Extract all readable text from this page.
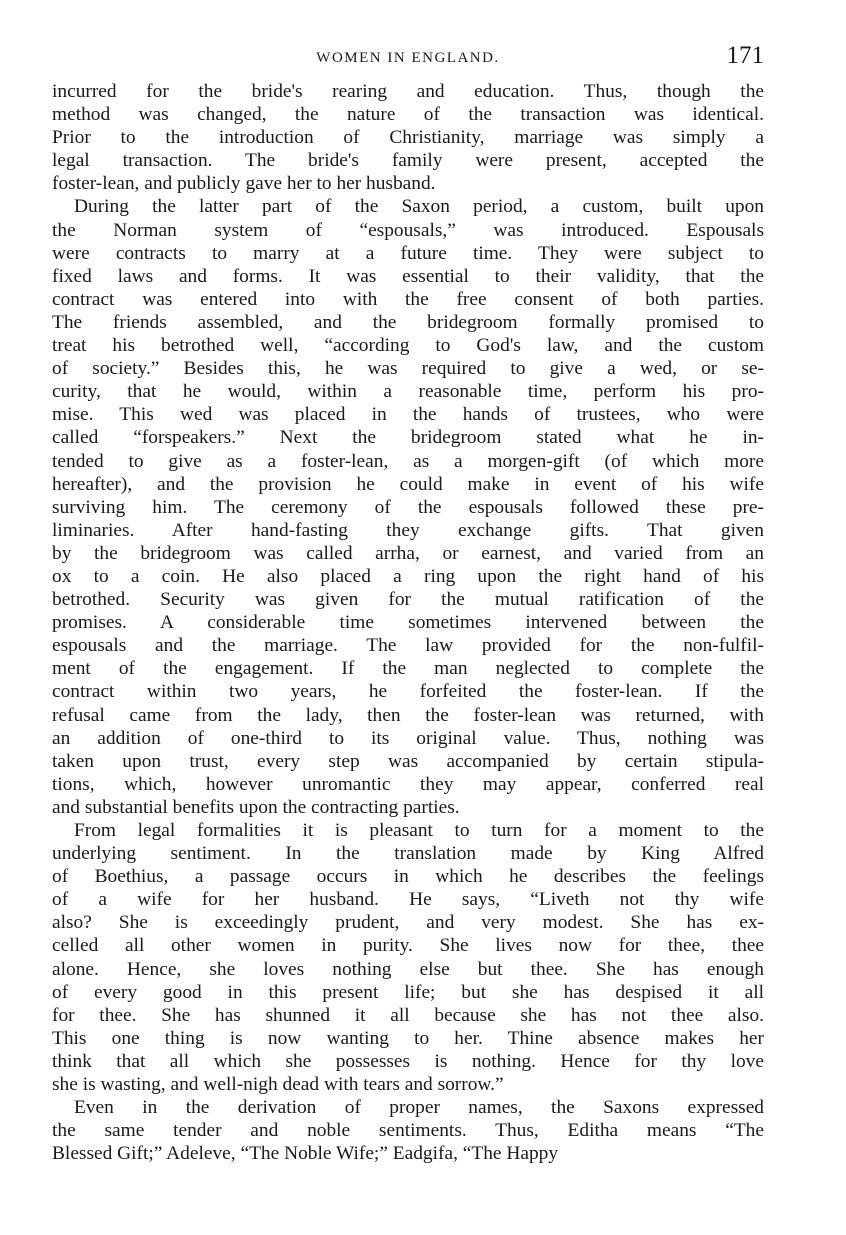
WOMEN IN ENGLAND.	171
incurred for the bride's rearing and education. Thus, though the
method was changed, the nature of the transaction was identical.
Prior to the introduction of Christianity, marriage was simply a
legal transaction. The bride's family were present, accepted the
foster-lean, and publicly gave her to her husband.
During the latter part of the Saxon period, a custom, built upon
the Norman system of “espousals,” was introduced. Espousals
were contracts to marry at a future time. They were subject to
fixed laws and forms. It was essential to their validity, that the
contract was entered into with the free consent of both parties.
The friends assembled, and the bridegroom formally promised to
treat his betrothed well, “according to God's law, and the custom
of society.” Besides this, he was required to give a wed, or se-
curity, that he would, within a reasonable time, perform his pro-
mise. This wed was placed in the hands of trustees, who were
called “forspeakers.” Next the bridegroom stated what he in-
tended to give as a foster-lean, as a morgen-gift (of which more
hereafter), and the provision he could make in event of his wife
surviving him. The ceremony of the espousals followed these pre-
liminaries. After hand-fasting they exchange gifts. That given
by the bridegroom was called arrha, or earnest, and varied from an
ox to a coin. He also placed a ring upon the right hand of his
betrothed. Security was given for the mutual ratification of the
promises. A considerable time sometimes intervened between the
espousals and the marriage. The law provided for the non-fulfil-
ment of the engagement. If the man neglected to complete the
contract within two years, he forfeited the foster-lean. If the
refusal came from the lady, then the foster-lean was returned, with
an addition of one-third to its original value. Thus, nothing was
taken upon trust, every step was accompanied by certain stipula-
tions, which, however unromantic they may appear, conferred real
and substantial benefits upon the contracting parties.
From legal formalities it is pleasant to turn for a moment to the
underlying sentiment. In the translation made by King Alfred
of Boethius, a passage occurs in which he describes the feelings
of a wife for her husband. He says, “Liveth not thy wife
also? She is exceedingly prudent, and very modest. She has ex-
celled all other women in purity. She lives now for thee, thee
alone. Hence, she loves nothing else but thee. She has enough
of every good in this present life; but she has despised it all
for thee. She has shunned it all because she has not thee also.
This one thing is now wanting to her. Thine absence makes her
think that all which she possesses is nothing. Hence for thy love
she is wasting, and well-nigh dead with tears and sorrow.”
Even in the derivation of proper names, the Saxons expressed
the same tender and noble sentiments. Thus, Editha means “The
Blessed Gift;” Adeleve, “The Noble Wife;” Eadgifa, “The Happy
